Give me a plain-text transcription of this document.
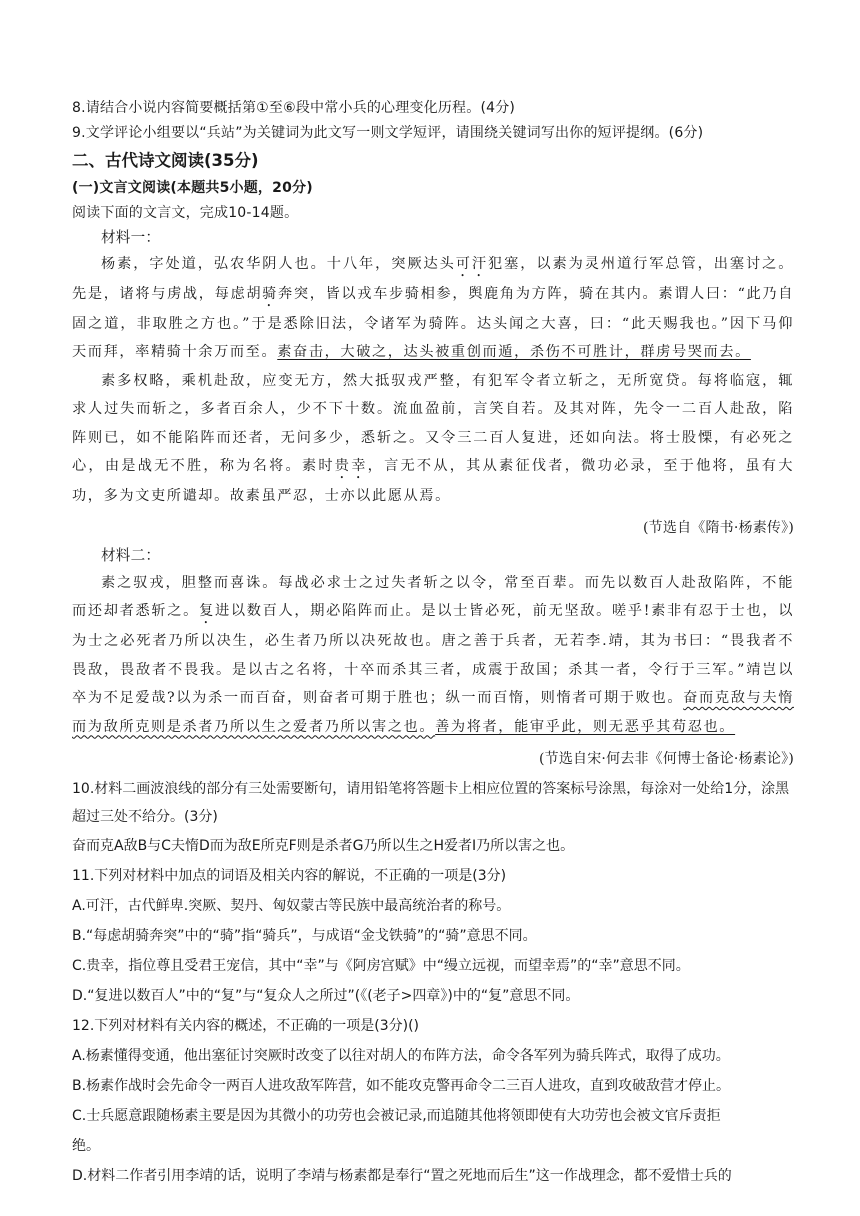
8.请结合小说内容简要概括第①至⑥段中常小兵的心理变化历程。(4分)

9.文学评论小组要以“兵站”为关键词为此文写一则文学短评，请围绕关键词写出你的短评提纲。(6分)

二、古代诗文阅读(35分)

(一)文言文阅读(本题共5小题，20分)

阅读下面的文言文，完成10-14题。

材料一：

杨素，字处道，弘农华阴人也。十八年，突厥达头可汗犯塞，以素为灵州道行军总管，出塞讨之。先是，诸将与虏战，每虑胡骑奔突，皆以戎车步骑相参，舆鹿角为方阵，骑在其内。素谓人曰：“此乃自固之道，非取胜之方也。”于是悉除旧法，令诸军为骑阵。达头闻之大喜，曰：“此天赐我也。”因下马仰天而拜，率精骑十余万而至。素奋击，大破之，达头被重创而遁，杀伤不可胜计，群虏号哭而去。

素多权略，乘机赴敌，应变无方，然大抵驭戎严整，有犯军令者立斩之，无所宽贷。每将临寇，辄求人过失而斩之，多者百余人，少不下十数。流血盈前，言笑自若。及其对阵，先令一二百人赴敌，陷阵则已，如不能陷阵而还者，无问多少，悉斩之。又令三二百人复进，还如向法。将士股慄，有必死之心，由是战无不胜，称为名将。素时贵幸，言无不从，其从素征伐者，微功必录，至于他将，虽有大功，多为文吏所谴却。故素虽严忍，士亦以此愿从焉。

(节选自《隋书·杨素传》)

材料二：

素之驭戎，胆整而喜诛。每战必求士之过失者斩之以令，常至百辈。而先以数百人赴敌陷阵，不能而还却者悉斩之。复进以数百人，期必陷阵而止。是以士皆必死，前无坚敌。嗟乎!素非有忍于士也，以为士之必死者乃所以决生，必生者乃所以决死故也。唐之善于兵者，无若李.靖，其为书曰：“畏我者不畏敌，畏敌者不畏我。是以古之名将，十卒而杀其三者，成震于敌国；杀其一者，令行于三军。”靖岂以卒为不足爱哉?以为杀一而百奋，则奋者可期于胜也；纵一而百惰，则惰者可期于败也。奋而克敌与夫惰而为敌所克则是杀者乃所以生之爱者乃所以害之也。善为将者，能审乎此，则无恶乎其苟忍也。

(节选自宋·何去非《何博士备论·杨素论》)

10.材料二画波浪线的部分有三处需要断句，请用铅笔将答题卡上相应位置的答案标号涂黑，每涂对一处给1分，涂黑超过三处不给分。(3分)

奋而克A敌B与C夫惰D而为敌E所克F则是杀者G乃所以生之H爱者I乃所以害之也。

11.下列对材料中加点的词语及相关内容的解说，不正确的一项是(3分)

A.可汗，古代鲜卑.突厥、契丹、匈奴蒙古等民族中最高统治者的称号。

B.“每虑胡骑奔突”中的“骑”指“骑兵”，与成语“金戈铁骑”的“骑”意思不同。

C.贵幸，指位尊且受君王宠信，其中“幸”与《阿房宫赋》中“缦立远视，而望幸焉”的“幸”意思不同。

D.“复进以数百人”中的“复”与“复众人之所过”(《(老子>四章》)中的“复”意思不同。

12.下列对材料有关内容的概述，不正确的一项是(3分)()

A.杨素懂得变通，他出塞征讨突厥时改变了以往对胡人的布阵方法，命令各军列为骑兵阵式，取得了成功。

B.杨素作战时会先命令一两百人进攻敌军阵营，如不能攻克警再命令二三百人进攻，直到攻破敌营才停止。

C.士兵愿意跟随杨素主要是因为其微小的功劳也会被记录,而追随其他将领即使有大功劳也会被文官斥责拒

绝。

D.材料二作者引用李靖的话，说明了李靖与杨素都是奉行“置之死地而后生”这一作战理念，都不爱惜士兵的
